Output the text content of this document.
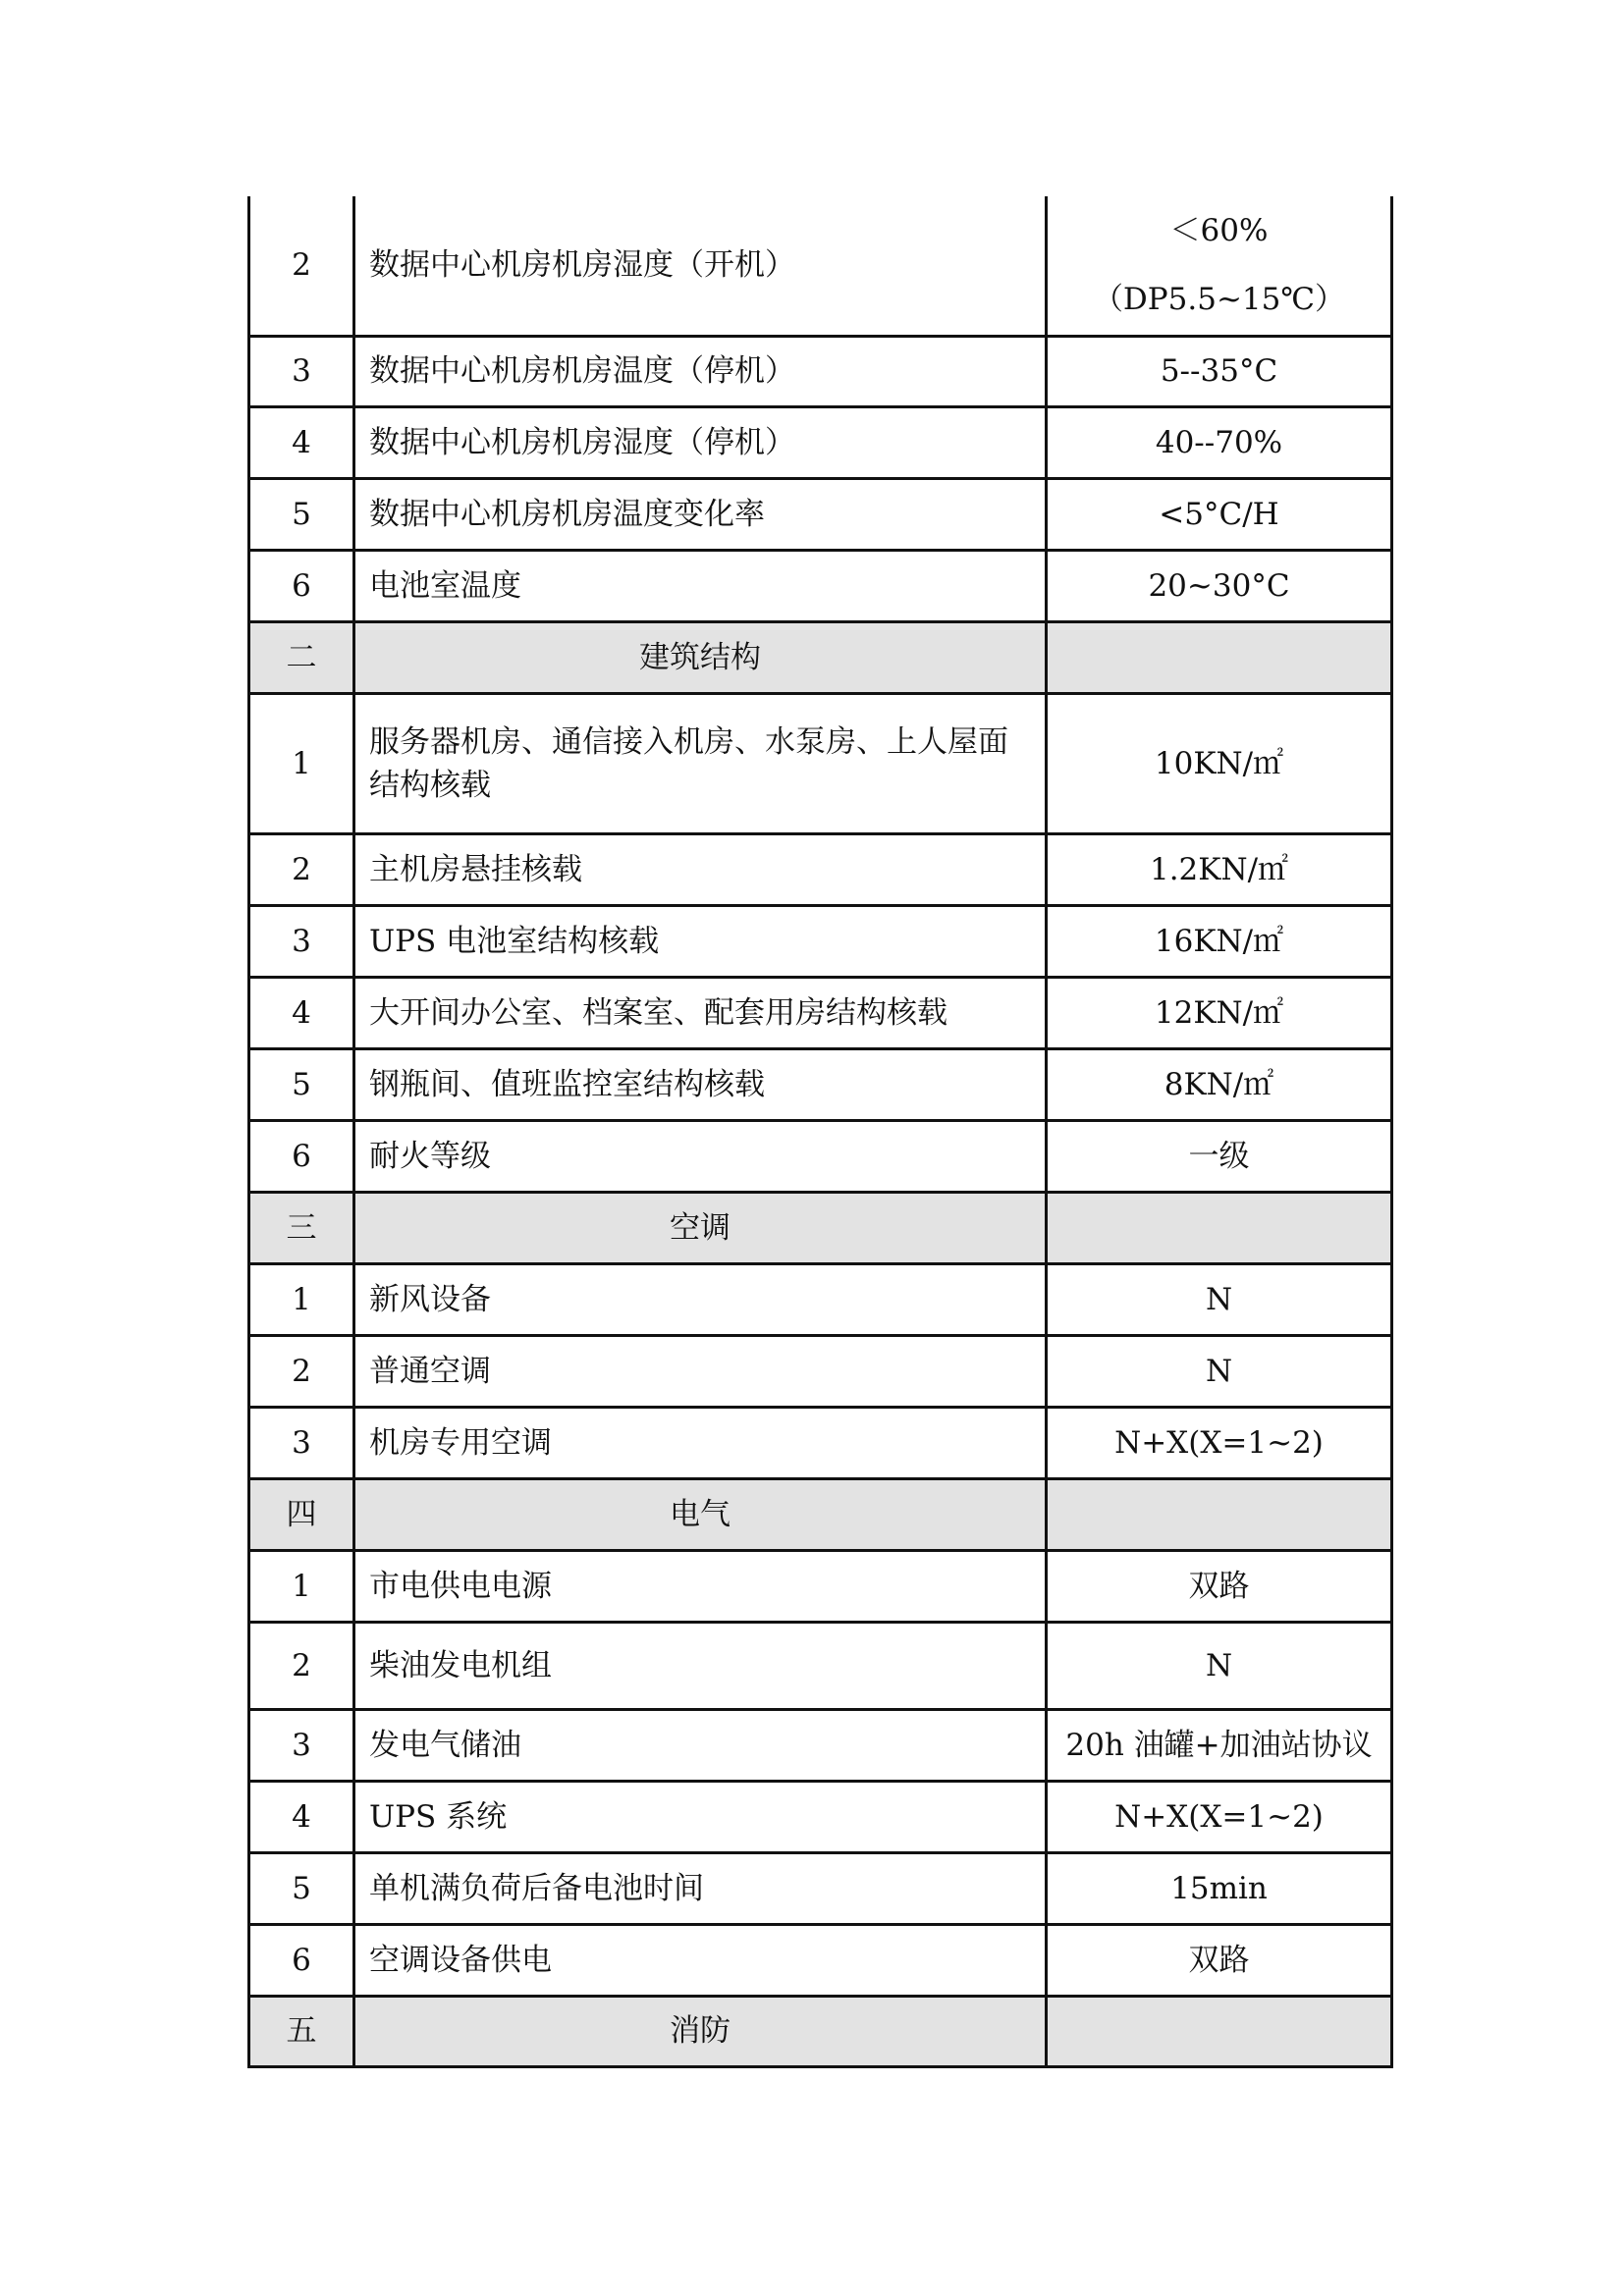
2	数据中心机房机房湿度（开机）	＜60%
（DP5.5~15℃）

3	数据中心机房机房温度（停机）	5--35°C
4	数据中心机房机房湿度（停机）	40--70%
5	数据中心机房机房温度变化率	<5°C/H
6	电池室温度	20~30°C
二	建筑结构	
1	服务器机房、通信接入机房、水泵房、上人屋面结构核载	10KN/㎡
2	主机房悬挂核载	1.2KN/㎡
3	UPS 电池室结构核载	16KN/㎡
4	大开间办公室、档案室、配套用房结构核载	12KN/㎡
5	钢瓶间、值班监控室结构核载	8KN/㎡
6	耐火等级	一级
三	空调	
1	新风设备	N
2	普通空调	N
3	机房专用空调	N+X(X=1~2)
四	电气	
1	市电供电电源	双路
2	柴油发电机组	N
3	发电气储油	20h 油罐+加油站协议
4	UPS 系统	N+X(X=1~2)
5	单机满负荷后备电池时间	15min
6	空调设备供电	双路
五	消防	
